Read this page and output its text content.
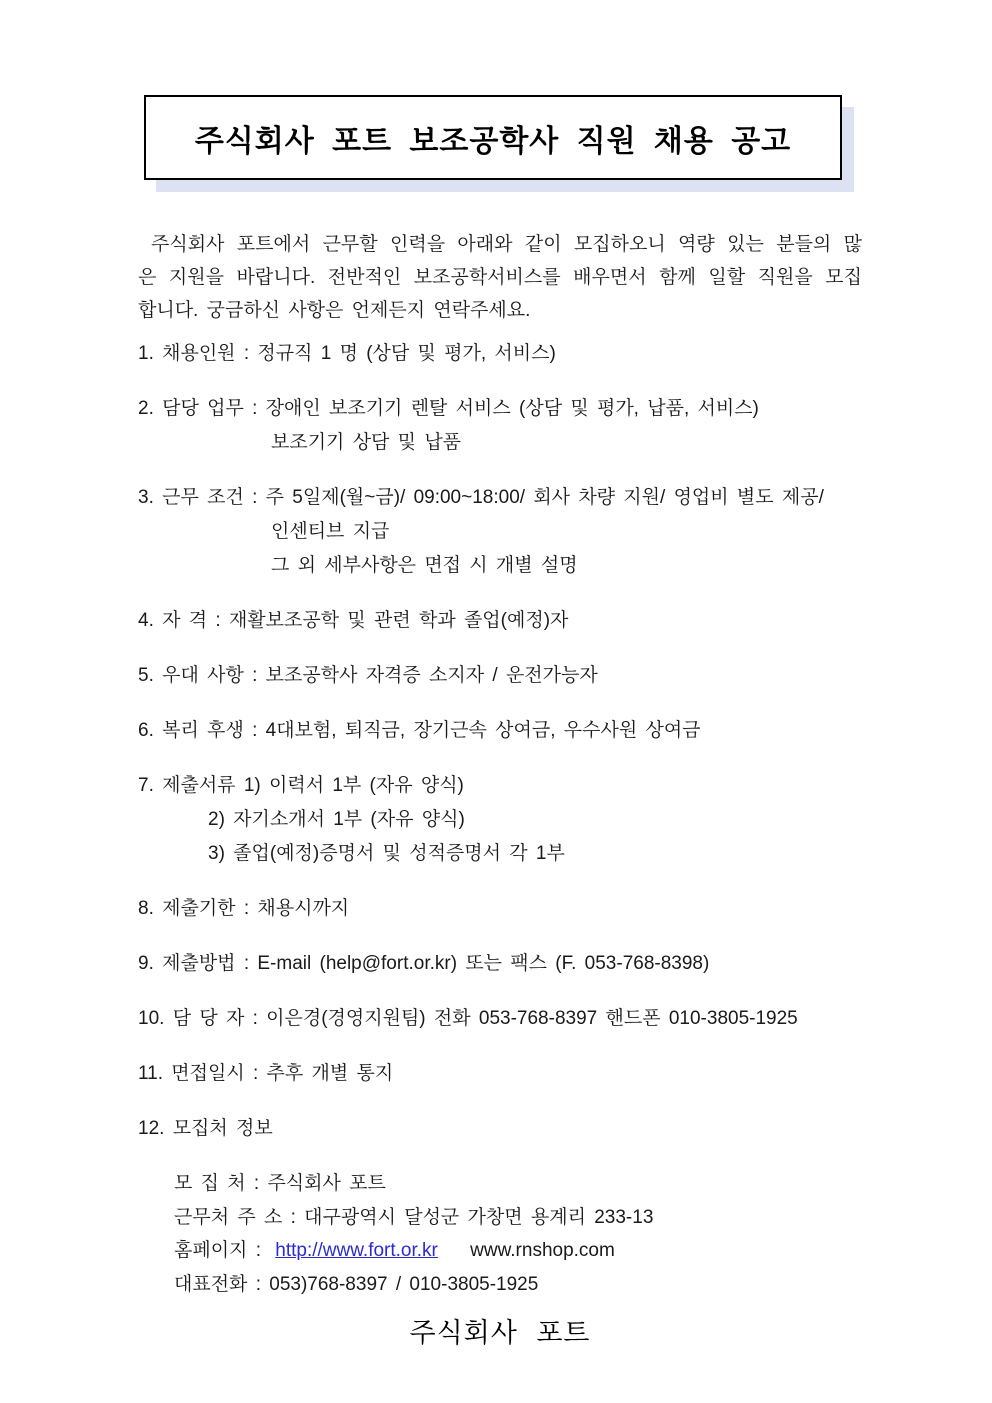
주식회사 포트 보조공학사 직원 채용 공고
주식회사 포트에서 근무할 인력을 아래와 같이 모집하오니 역량 있는 분들의 많
은 지원을 바랍니다. 전반적인 보조공학서비스를 배우면서 함께 일할 직원을 모집
합니다. 궁금하신 사항은 언제든지 연락주세요.
1. 채용인원 : 정규직 1 명 (상담 및 평가, 서비스)
2. 담당 업무 : 장애인 보조기기 렌탈 서비스 (상담 및 평가, 납품, 서비스)
보조기기 상담 및 납품
3. 근무 조건 : 주 5일제(월~금)/ 09:00~18:00/ 회사 차량 지원/ 영업비 별도 제공/
인센티브 지급
그 외 세부사항은 면접 시 개별 설명
4. 자 격 : 재활보조공학 및 관련 학과 졸업(예정)자
5. 우대 사항 : 보조공학사 자격증 소지자 / 운전가능자
6. 복리 후생 : 4대보험, 퇴직금, 장기근속 상여금, 우수사원 상여금
7. 제출서류 1) 이력서 1부 (자유 양식)
2) 자기소개서 1부 (자유 양식)
3) 졸업(예정)증명서 및 성적증명서 각 1부
8. 제출기한 : 채용시까지
9. 제출방법 : E-mail (help@fort.or.kr) 또는 팩스 (F. 053-768-8398)
10. 담 당 자 : 이은경(경영지원팀) 전화 053-768-8397 핸드폰 010-3805-1925
11. 면접일시 : 추후 개별 통지
12. 모집처 정보
모 집 처 : 주식회사 포트
근무처 주 소 : 대구광역시 달성군 가창면 용계리 233-13
홈페이지 : http://www.fort.or.kr www.rnshop.com
대표전화 : 053)768-8397 / 010-3805-1925
주식회사 포트
